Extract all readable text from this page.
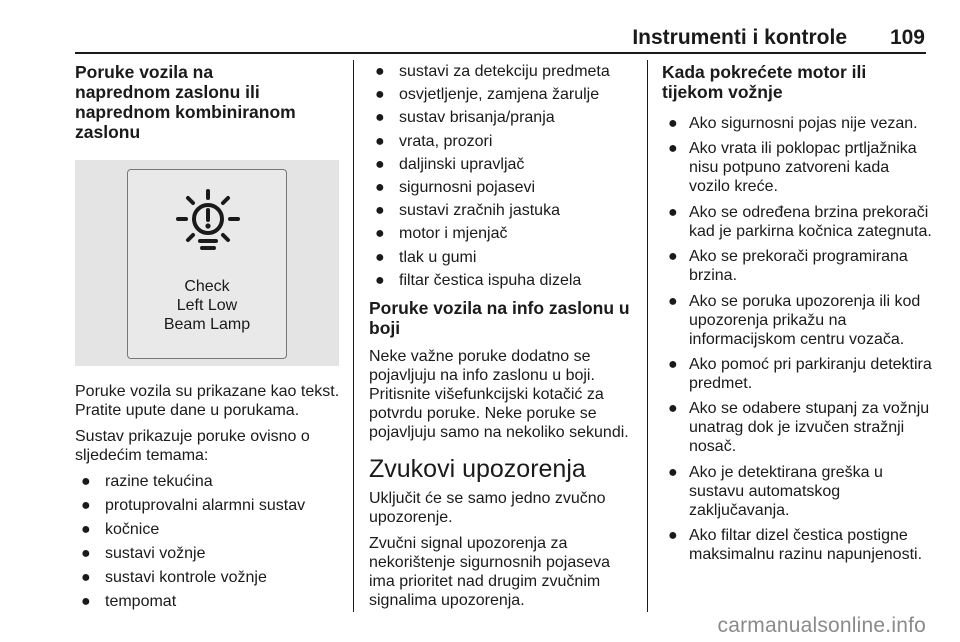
Instrumenti i kontrole 109
Poruke vozila na naprednom zaslonu ili naprednom kombiniranom zaslonu
Check
Left Low
Beam Lamp

Poruke vozila su prikazane kao tekst. Pratite upute dane u porukama.

Sustav prikazuje poruke ovisno o sljedećim temama:

● razine tekućina
● protuprovalni alarmni sustav
● kočnice
● sustavi vožnje
● sustavi kontrole vožnje
● tempomat
● sustavi za detekciju predmeta
● osvjetljenje, zamjena žarulje
● sustav brisanja/pranja
● vrata, prozori
● daljinski upravljač
● sigurnosni pojasevi
● sustavi zračnih jastuka
● motor i mjenjač
● tlak u gumi
● filtar čestica ispuha dizela
Poruke vozila na info zaslonu u boji

Neke važne poruke dodatno se pojavljuju na info zaslonu u boji. Pritisnite višefunkcijski kotačić za potvrdu poruke. Neke poruke se pojavljuju samo na nekoliko sekundi.

Zvukovi upozorenja

Uključit će se samo jedno zvučno upozorenje.

Zvučni signal upozorenja za nekorištenje sigurnosnih pojaseva ima prioritet nad drugim zvučnim signalima upozorenja.

Kada pokrećete motor ili tijekom vožnje
● Ako sigurnosni pojas nije vezan.
● Ako vrata ili poklopac prtljažnika nisu potpuno zatvoreni kada vozilo kreće.
● Ako se određena brzina prekorači kad je parkirna kočnica zategnuta.
● Ako se prekorači programirana brzina.
● Ako se poruka upozorenja ili kod upozorenja prikažu na informacijskom centru vozača.
● Ako pomoć pri parkiranju detektira predmet.
● Ako se odabere stupanj za vožnju unatrag dok je izvučen stražnji nosač.
● Ako je detektirana greška u sustavu automatskog zaključavanja.
● Ako filtar dizel čestica postigne maksimalnu razinu napunjenosti.
carmanualsonline.info
